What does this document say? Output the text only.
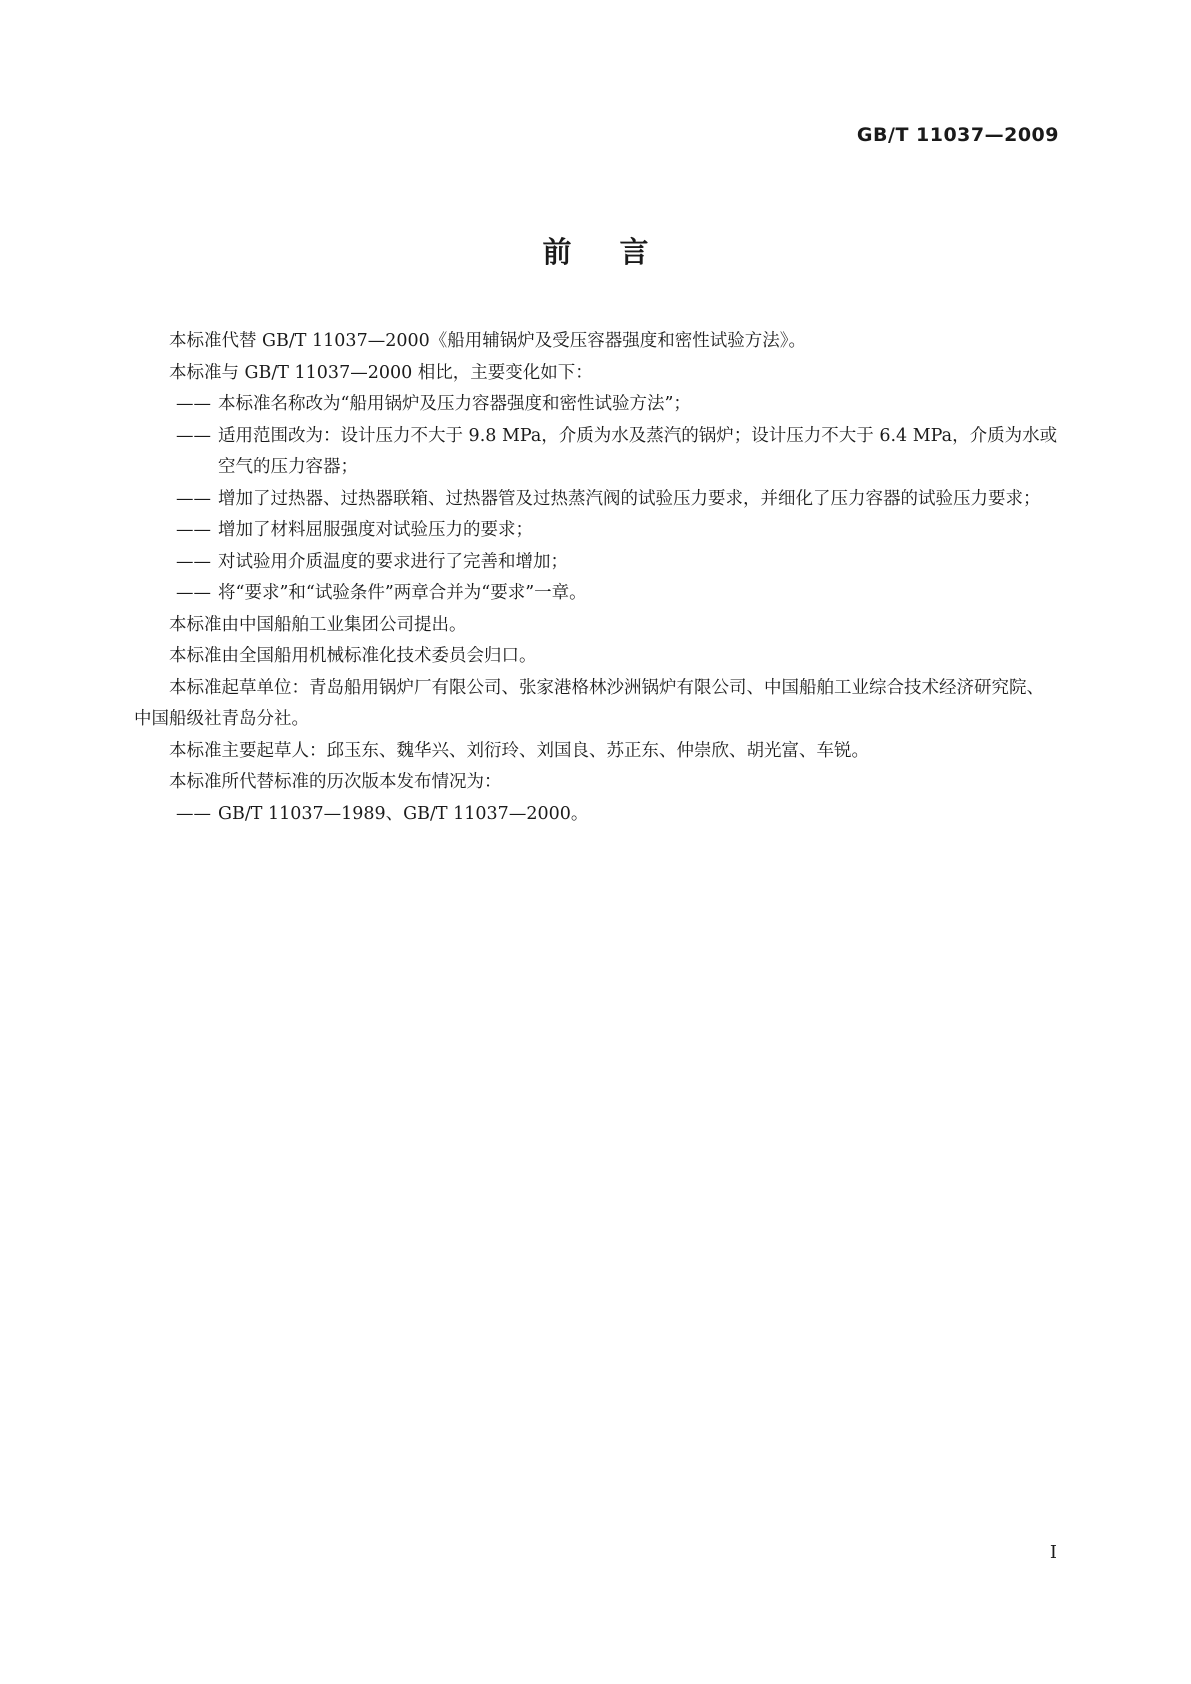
GB/T 11037—2009
前言

本标准代替 GB/T 11037—2000《船用辅锅炉及受压容器强度和密性试验方法》。

本标准与 GB/T 11037—2000 相比，主要变化如下：

—— 本标准名称改为“船用锅炉及压力容器强度和密性试验方法”；
—— 适用范围改为：设计压力不大于 9.8 MPa，介质为水及蒸汽的锅炉；设计压力不大于 6.4 MPa，介质为水或空气的压力容器；
—— 增加了过热器、过热器联箱、过热器管及过热蒸汽阀的试验压力要求，并细化了压力容器的试验压力要求；
—— 增加了材料屈服强度对试验压力的要求；
—— 对试验用介质温度的要求进行了完善和增加；
—— 将“要求”和“试验条件”两章合并为“要求”一章。

本标准由中国船舶工业集团公司提出。

本标准由全国船用机械标准化技术委员会归口。

本标准起草单位：青岛船用锅炉厂有限公司、张家港格林沙洲锅炉有限公司、中国船舶工业综合技术经济研究院、中国船级社青岛分社。

本标准主要起草人：邱玉东、魏华兴、刘衍玲、刘国良、苏正东、仲崇欣、胡光富、车锐。

本标准所代替标准的历次版本发布情况为：

—— GB/T 11037—1989、GB/T 11037—2000。
I
